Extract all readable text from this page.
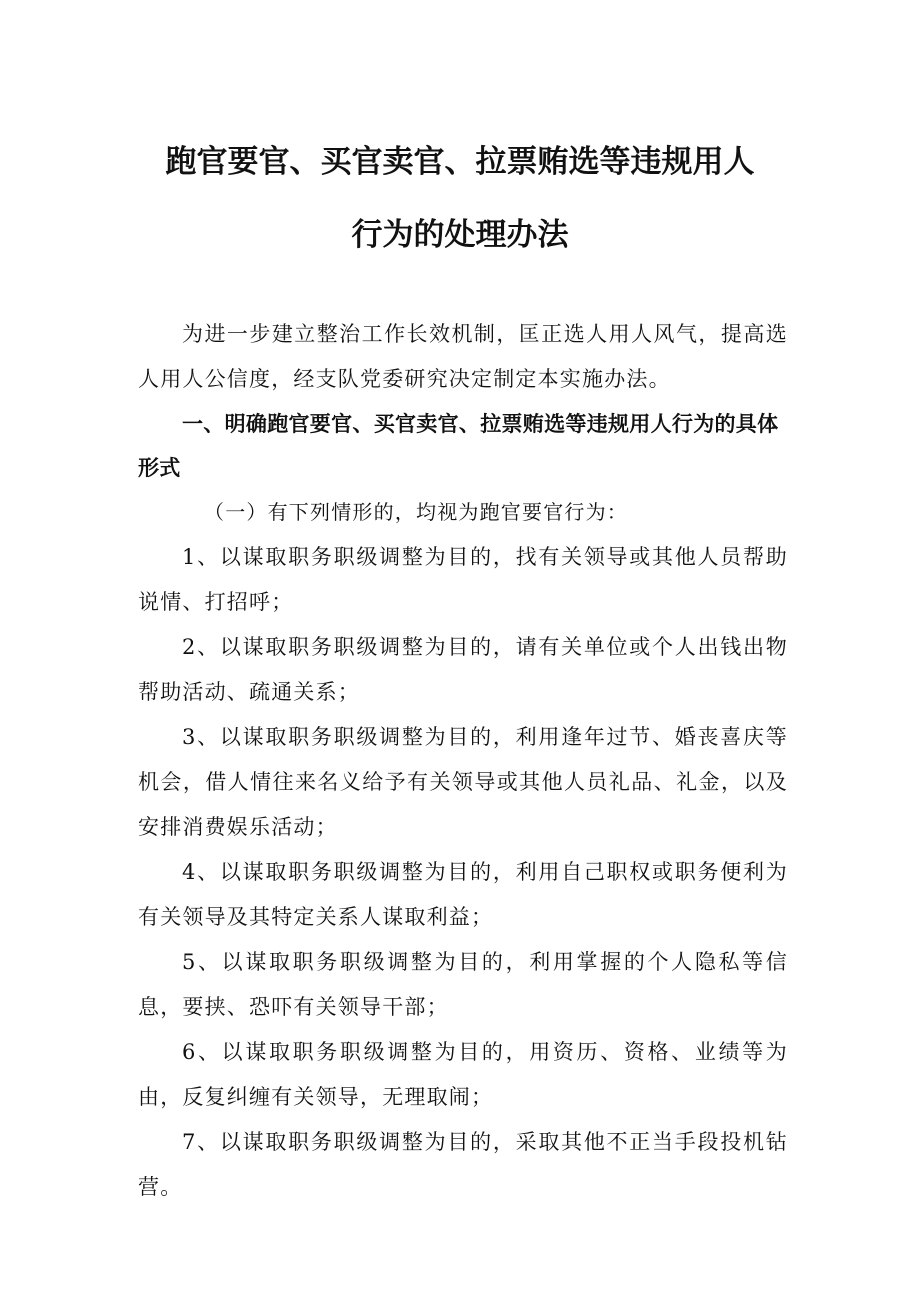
跑官要官、买官卖官、拉票贿选等违规用人
行为的处理办法

为进一步建立整治工作长效机制，匡正选人用人风气，提高选人用人公信度，经支队党委研究决定制定本实施办法。

一、明确跑官要官、买官卖官、拉票贿选等违规用人行为的具体形式

（一）有下列情形的，均视为跑官要官行为：

1、以谋取职务职级调整为目的，找有关领导或其他人员帮助说情、打招呼；

2、以谋取职务职级调整为目的，请有关单位或个人出钱出物帮助活动、疏通关系；

3、以谋取职务职级调整为目的，利用逢年过节、婚丧喜庆等机会，借人情往来名义给予有关领导或其他人员礼品、礼金，以及安排消费娱乐活动；

4、以谋取职务职级调整为目的，利用自己职权或职务便利为有关领导及其特定关系人谋取利益；

5、以谋取职务职级调整为目的，利用掌握的个人隐私等信息，要挟、恐吓有关领导干部；

6、以谋取职务职级调整为目的，用资历、资格、业绩等为由，反复纠缠有关领导，无理取闹；

7、以谋取职务职级调整为目的，采取其他不正当手段投机钻营。
